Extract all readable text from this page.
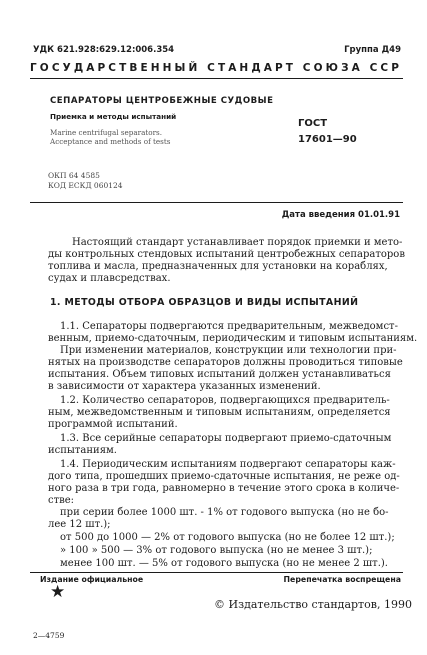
УДК 621.928:629.12:006.354	Группа Д49
ГОСУДАРСТВЕННЫЙ СТАНДАРТ СОЮЗА ССР
СЕПАРАТОРЫ ЦЕНТРОБЕЖНЫЕ СУДОВЫЕ
Приемка и методы испытаний
Marine centrifugal separators.
Acceptance and methods of tests
ГОСТ
17601—90
ОКП 64 4585
КОД ЕСКД 060124
Дата введения 01.01.91
Настоящий стандарт устанавливает порядок приемки и мето-
ды контрольных стендовых испытаний центробежных сепараторов
топлива и масла, предназначенных для установки на кораблях,
судах и плавсредствах.
1. МЕТОДЫ ОТБОРА ОБРАЗЦОВ И ВИДЫ ИСПЫТАНИЙ
1.1. Сепараторы подвергаются предварительным, межведомст-
венным, приемо-сдаточным, периодическим и типовым испытаниям.
При изменении материалов, конструкции или технологии при-
нятых на производстве сепараторов должны проводиться типовые
испытания. Объем типовых испытаний должен устанавливаться
в зависимости от характера указанных изменений.
1.2. Количество сепараторов, подвергающихся предваритель-
ным, межведомственным и типовым испытаниям, определяется
программой испытаний.
1.3. Все серийные сепараторы подвергают приемо-сдаточным
испытаниям.
1.4. Периодическим испытаниям подвергают сепараторы каж-
дого типа, прошедших приемо-сдаточные испытания, не реже од-
ного раза в три года, равномерно в течение этого срока в количе-
стве:
при серии более 1000 шт. - 1% от годового выпуска (но не бо-
лее 12 шт.);
от 500 до 1000 — 2% от годового выпуска (но не более 12 шт.);
» 100 » 500 — 3% от годового выпуска (но не менее 3 шт.);
менее 100 шт. — 5% от годового выпуска (но не менее 2 шт.).
Издание официальное	Перепечатка воспрещена
★
© Издательство стандартов, 1990
2—4759
